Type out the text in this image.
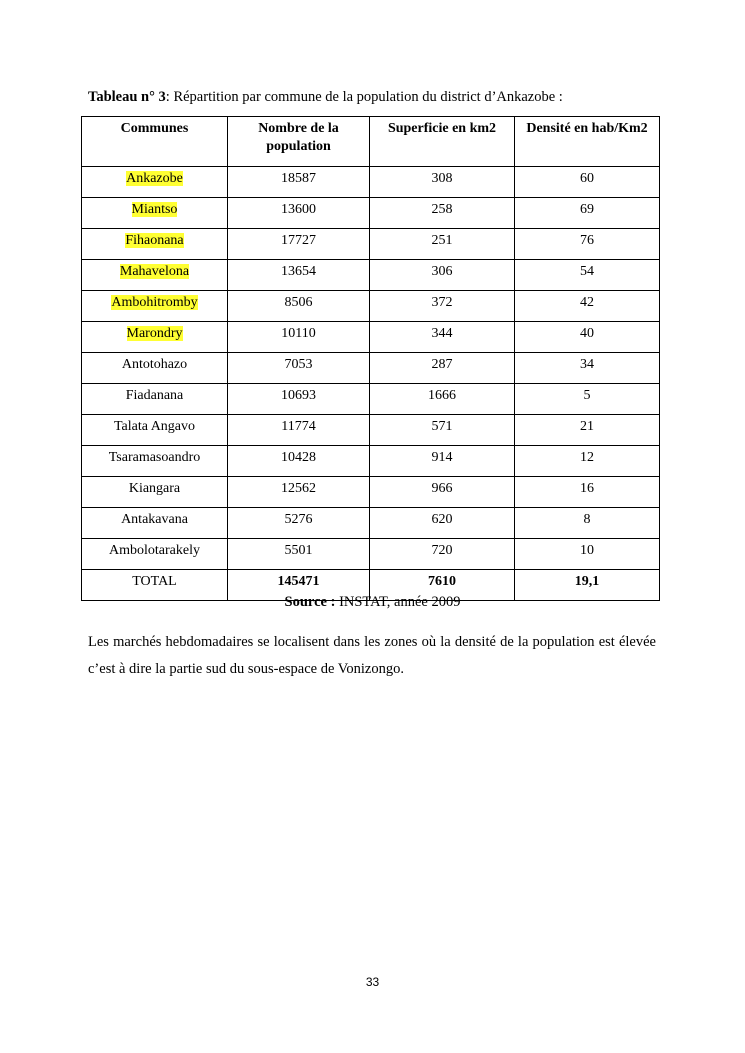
Tableau n° 3: Répartition par commune de la population du district d’Ankazobe :
Communes	Nombre de la population	Superficie en km2	Densité en hab/Km2
Ankazobe	18587	308	60
Miantso	13600	258	69
Fihaonana	17727	251	76
Mahavelona	13654	306	54
Ambohitromby	8506	372	42
Marondry	10110	344	40
Antotohazo	7053	287	34
Fiadanana	10693	1666	5
Talata Angavo	11774	571	21
Tsaramasoandro	10428	914	12
Kiangara	12562	966	16
Antakavana	5276	620	8
Ambolotarakely	5501	720	10
TOTAL	145471	7610	19,1
Source : INSTAT, année 2009
Les marchés hebdomadaires se localisent dans les zones où la densité de la population est élevée c’est à dire la partie sud du sous-espace de Vonizongo.
33
